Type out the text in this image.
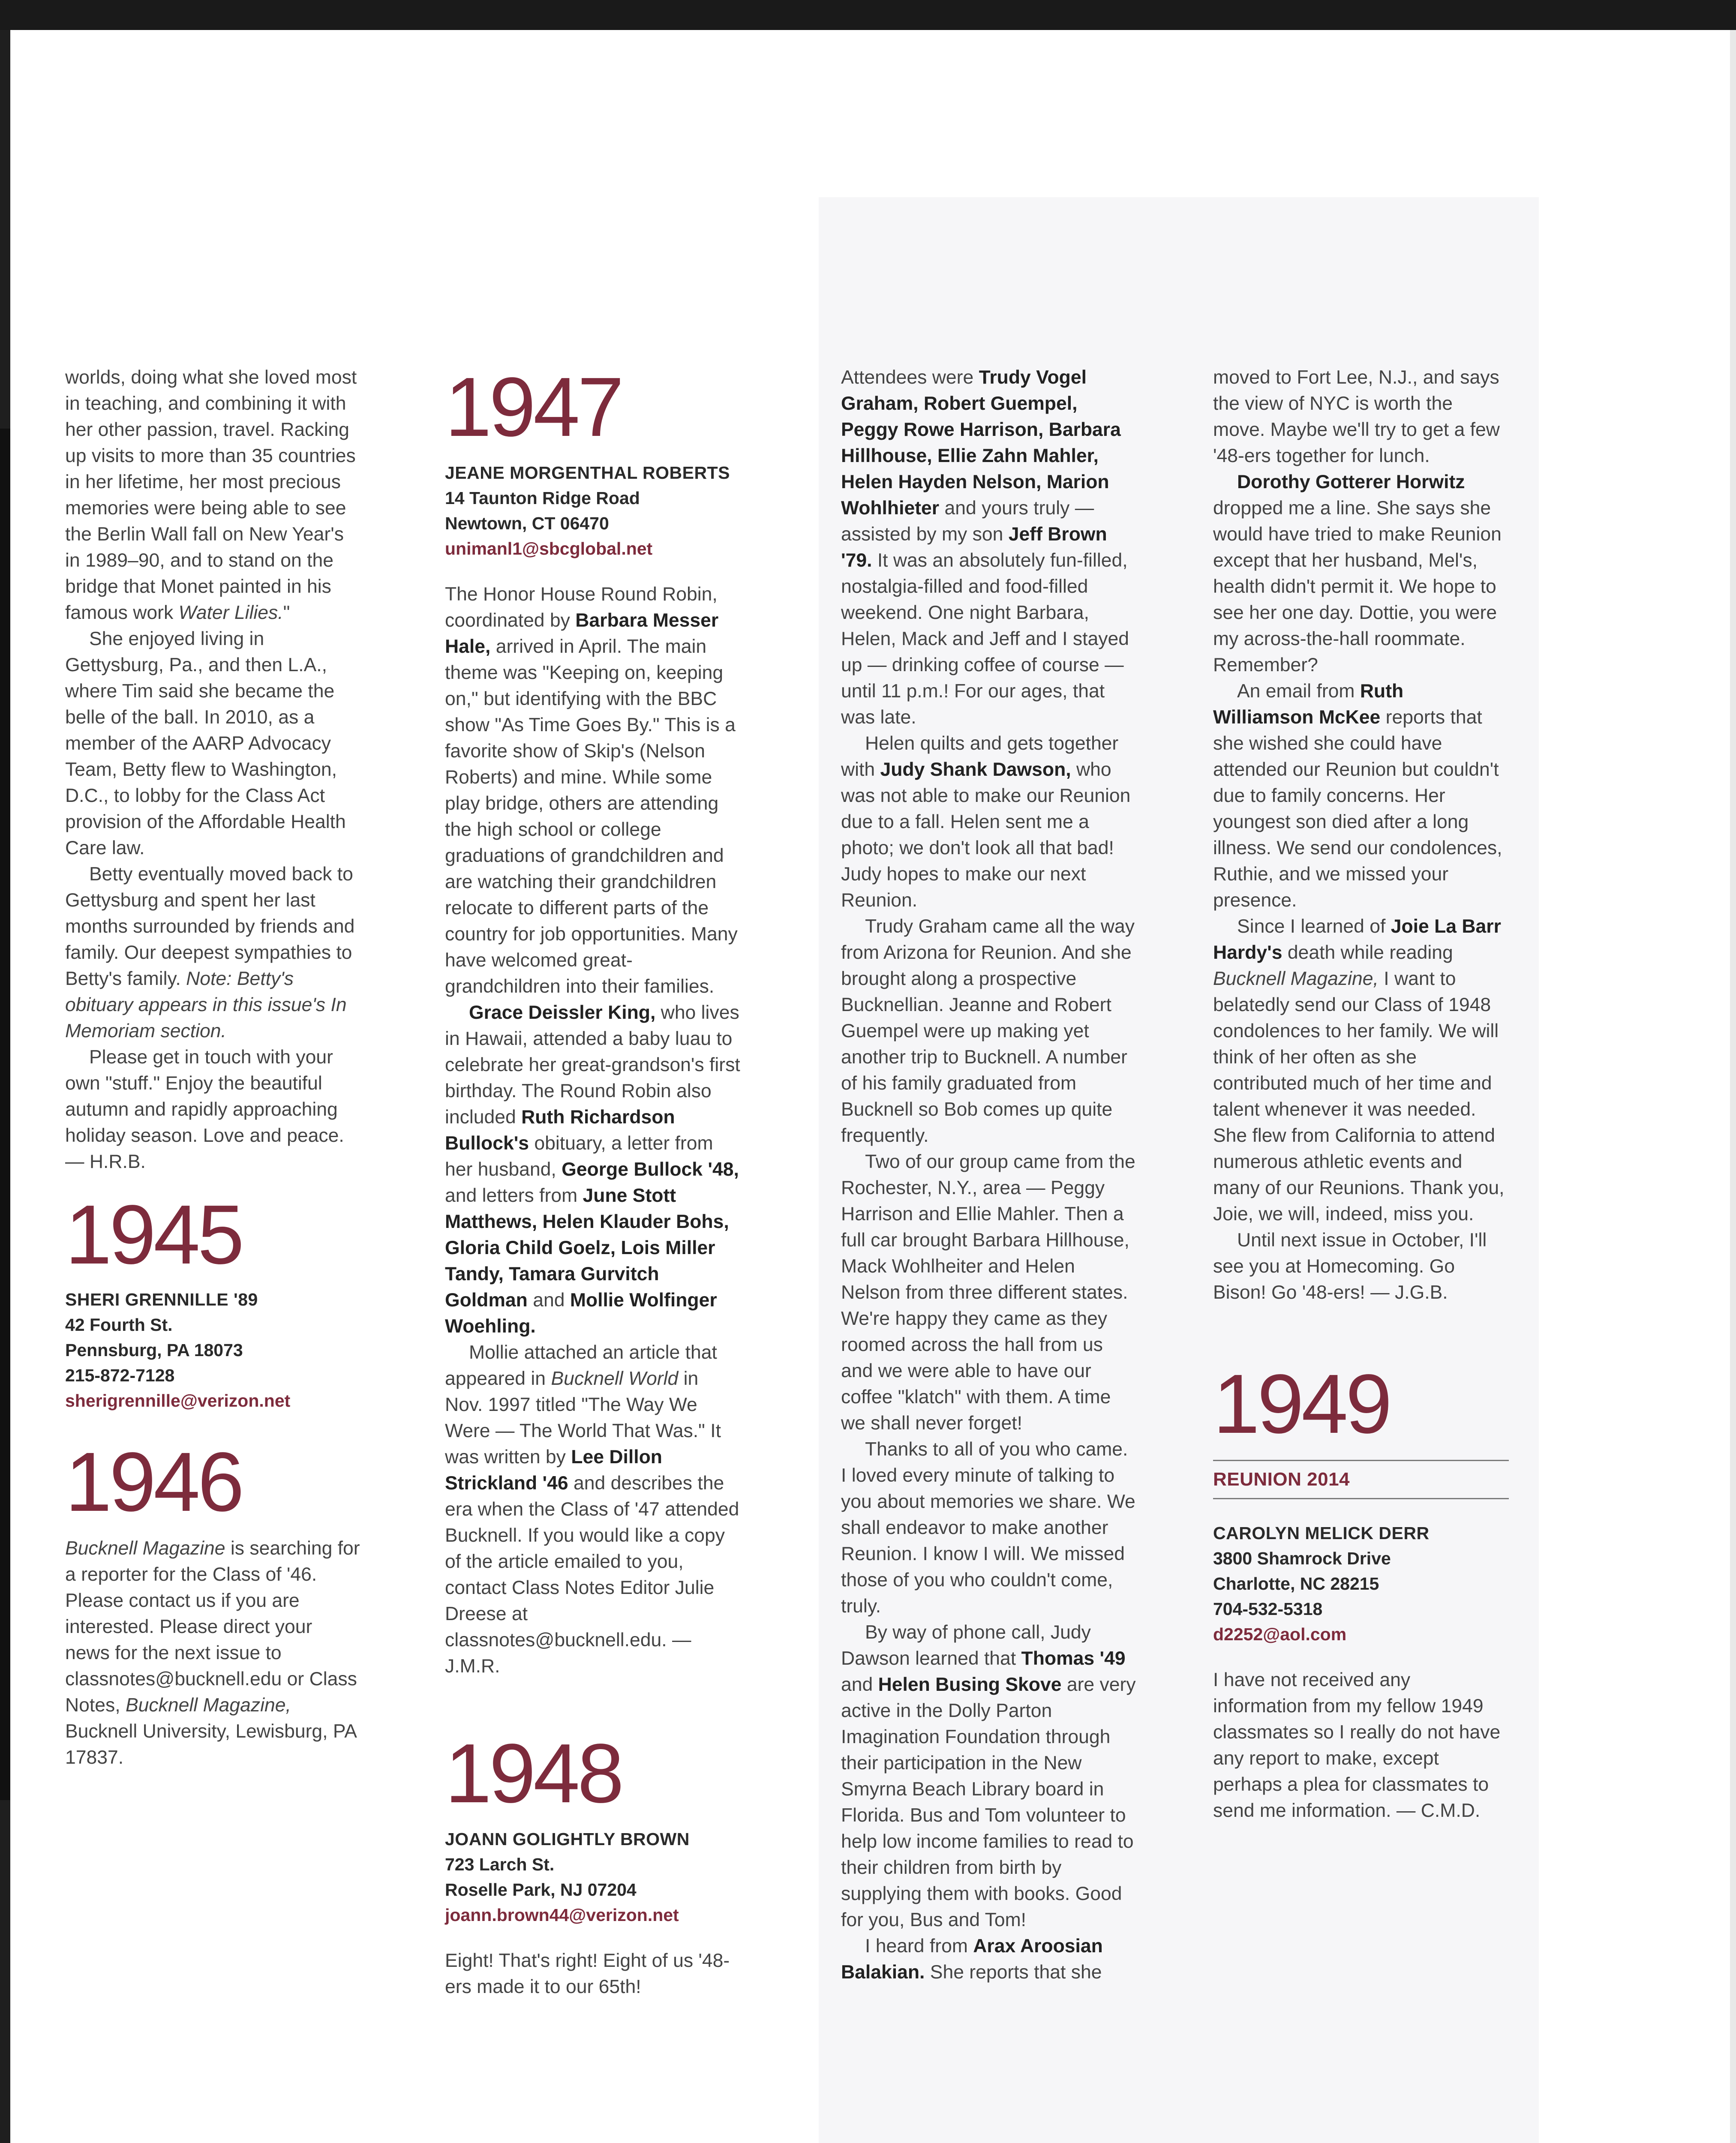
worlds, doing what she loved most in teaching, and combining it with her other passion, travel. Racking up visits to more than 35 countries in her lifetime, her most precious memories were being able to see the Berlin Wall fall on New Year's in 1989–90, and to stand on the bridge that Monet painted in his famous work Water Lilies."

She enjoyed living in Gettysburg, Pa., and then L.A., where Tim said she became the belle of the ball. In 2010, as a member of the AARP Advocacy Team, Betty flew to Washington, D.C., to lobby for the Class Act provision of the Affordable Health Care law.

Betty eventually moved back to Gettysburg and spent her last months surrounded by friends and family. Our deepest sympathies to Betty's family. Note: Betty's obituary appears in this issue's In Memoriam section.

Please get in touch with your own "stuff." Enjoy the beautiful autumn and rapidly approaching holiday season. Love and peace. — H.R.B.

1945
SHERI GRENNILLE '89
42 Fourth St.
Pennsburg, PA 18073
215-872-7128
sherigrennille@verizon.net
1946

Bucknell Magazine is searching for a reporter for the Class of '46. Please contact us if you are interested. Please direct your news for the next issue to classnotes@bucknell.edu or Class Notes, Bucknell Magazine, Bucknell University, Lewisburg, PA 17837.

1947
JEANE MORGENTHAL ROBERTS
14 Taunton Ridge Road
Newtown, CT 06470
unimanl1@sbcglobal.net

The Honor House Round Robin, coordinated by Barbara Messer Hale, arrived in April. The main theme was "Keeping on, keeping on," but identifying with the BBC show "As Time Goes By." This is a favorite show of Skip's (Nelson Roberts) and mine. While some play bridge, others are attending the high school or college graduations of grandchildren and are watching their grandchildren relocate to different parts of the country for job opportunities. Many have welcomed great-grandchildren into their families.

Grace Deissler King, who lives in Hawaii, attended a baby luau to celebrate her great-grandson's first birthday. The Round Robin also included Ruth Richardson Bullock's obituary, a letter from her husband, George Bullock '48, and letters from June Stott Matthews, Helen Klauder Bohs, Gloria Child Goelz, Lois Miller Tandy, Tamara Gurvitch Goldman and Mollie Wolfinger Woehling.

Mollie attached an article that appeared in Bucknell World in Nov. 1997 titled "The Way We Were — The World That Was." It was written by Lee Dillon Strickland '46 and describes the era when the Class of '47 attended Bucknell. If you would like a copy of the article emailed to you, contact Class Notes Editor Julie Dreese at classnotes@bucknell.edu. — J.M.R.

1948
JOANN GOLIGHTLY BROWN
723 Larch St.
Roselle Park, NJ 07204
joann.brown44@verizon.net

Eight! That's right! Eight of us '48-ers made it to our 65th!

Attendees were Trudy Vogel Graham, Robert Guempel, Peggy Rowe Harrison, Barbara Hillhouse, Ellie Zahn Mahler, Helen Hayden Nelson, Marion Wohlhieter and yours truly — assisted by my son Jeff Brown '79. It was an absolutely fun-filled, nostalgia-filled and food-filled weekend. One night Barbara, Helen, Mack and Jeff and I stayed up — drinking coffee of course — until 11 p.m.! For our ages, that was late.

Helen quilts and gets together with Judy Shank Dawson, who was not able to make our Reunion due to a fall. Helen sent me a photo; we don't look all that bad! Judy hopes to make our next Reunion.

Trudy Graham came all the way from Arizona for Reunion. And she brought along a prospective Bucknellian. Jeanne and Robert Guempel were up making yet another trip to Bucknell. A number of his family graduated from Bucknell so Bob comes up quite frequently.

Two of our group came from the Rochester, N.Y., area — Peggy Harrison and Ellie Mahler. Then a full car brought Barbara Hillhouse, Mack Wohlheiter and Helen Nelson from three different states. We're happy they came as they roomed across the hall from us and we were able to have our coffee "klatch" with them. A time we shall never forget!

Thanks to all of you who came. I loved every minute of talking to you about memories we share. We shall endeavor to make another Reunion. I know I will. We missed those of you who couldn't come, truly.

By way of phone call, Judy Dawson learned that Thomas '49 and Helen Busing Skove are very active in the Dolly Parton Imagination Foundation through their participation in the New Smyrna Beach Library board in Florida. Bus and Tom volunteer to help low income families to read to their children from birth by supplying them with books. Good for you, Bus and Tom!

I heard from Arax Aroosian Balakian. She reports that she

moved to Fort Lee, N.J., and says the view of NYC is worth the move. Maybe we'll try to get a few '48-ers together for lunch.

Dorothy Gotterer Horwitz dropped me a line. She says she would have tried to make Reunion except that her husband, Mel's, health didn't permit it. We hope to see her one day. Dottie, you were my across-the-hall roommate. Remember?

An email from Ruth Williamson McKee reports that she wished she could have attended our Reunion but couldn't due to family concerns. Her youngest son died after a long illness. We send our condolences, Ruthie, and we missed your presence.

Since I learned of Joie La Barr Hardy's death while reading Bucknell Magazine, I want to belatedly send our Class of 1948 condolences to her family. We will think of her often as she contributed much of her time and talent whenever it was needed. She flew from California to attend numerous athletic events and many of our Reunions. Thank you, Joie, we will, indeed, miss you.

Until next issue in October, I'll see you at Homecoming. Go Bison! Go '48-ers! — J.G.B.

1949
REUNION 2014
CAROLYN MELICK DERR
3800 Shamrock Drive
Charlotte, NC 28215
704-532-5318
d2252@aol.com

I have not received any information from my fellow 1949 classmates so I really do not have any report to make, except perhaps a plea for classmates to send me information. — C.M.D.
